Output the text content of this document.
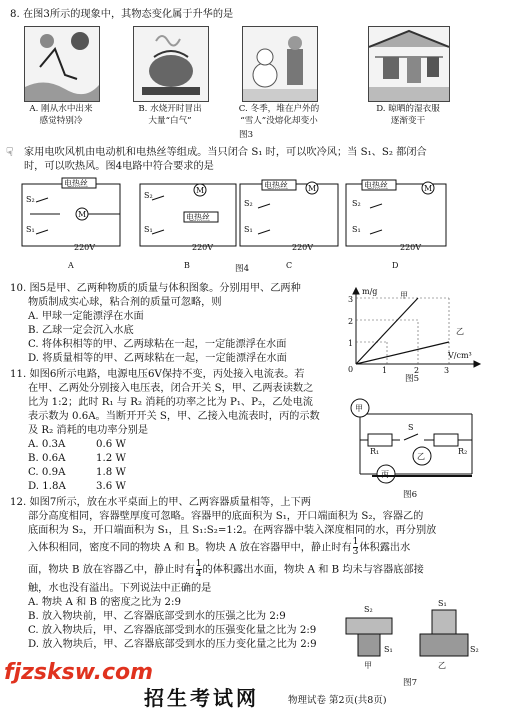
8. 在图3所示的现象中，其物态变化属于升华的是
A. 刚从水中出来
感觉特别冷
B. 水烧开时冒出
大量“白气”
C. 冬季，堆在户外的
“雪人”没熔化却变小
D. 晾晒的湿衣服
逐渐变干
图3
☟ 家用电吹风机由电动机和电热丝等组成。当只闭合 S₁ 时，可以吹冷风；当 S₁、S₂ 都闭合
时，可以吹热风。图4电路中符合要求的是
电热丝
M
S₂
S₁
220V
A
M
电热丝
S₂
S₁
220V
B
电热丝	M
S₂
S₁
220V
C
电热丝	M
S₂
S₁
220V
D
图4
10. 图5是甲、乙两种物质的质量与体积图象。分别用甲、乙两种
物质制成实心球，粘合剂的质量可忽略，则
A. 甲球一定能漂浮在水面
B. 乙球一定会沉入水底
C. 将体积相等的甲、乙两球粘在一起，一定能漂浮在水面
D. 将质量相等的甲、乙两球粘在一起，一定能漂浮在水面
m/g
V/cm³
0	1	2	3
1
2
3	甲
乙
图5
11. 如图6所示电路，电源电压6V保持不变，丙处接入电流表。若
在甲、乙两处分别接入电压表，闭合开关 S，甲、乙两表读数之
比为 1:2；此时 R₁ 与 R₂ 消耗的功率之比为 P₁、P₂，乙处电流
表示数为 0.6A。当断开开关 S，甲、乙接入电流表时，丙的示数
及 R₂ 消耗的电功率分别是
A. 0.3A	0.6 W
B. 0.6A	1.2 W
C. 0.9A	1.8 W
D. 1.8A	3.6 W
甲
R₁
S
R₂
乙
丙
图6
12. 如图7所示，放在水平桌面上的甲、乙两容器质量相等，上下两
部分高度相同，容器壁厚度可忽略。容器甲的底面积为 S₁，开口端面积为 S₂，容器乙的
底面积为 S₂，开口端面积为 S₁，且 S₁:S₂=1:2。在两容器中装入深度相同的水，再分别放
入体积相同，密度不同的物块 A 和 B。物块 A 放在容器甲中，静止时有 $\frac{1}{3}$ 体积露出水
面，物块 B 放在容器乙中，静止时有 $\frac{1}{4}$ 的体积露出水面，物块 A 和 B 均未与容器底部接
触，水也没有溢出。下列说法中正确的是
A. 物块 A 和 B 的密度之比为 2:9
B. 放入物块前，甲、乙容器底部受到水的压强之比为 2:9
C. 放入物块后，甲、乙容器底部受到水的压强变化量之比为 2:9
D. 放入物块后，甲、乙容器底部受到水的压力变化量之比为 2:9
S₂
S₁
甲
S₁
S₂
乙
图7
fjzsksw.com
招生考试网	物理试卷 第2页(共8页)
